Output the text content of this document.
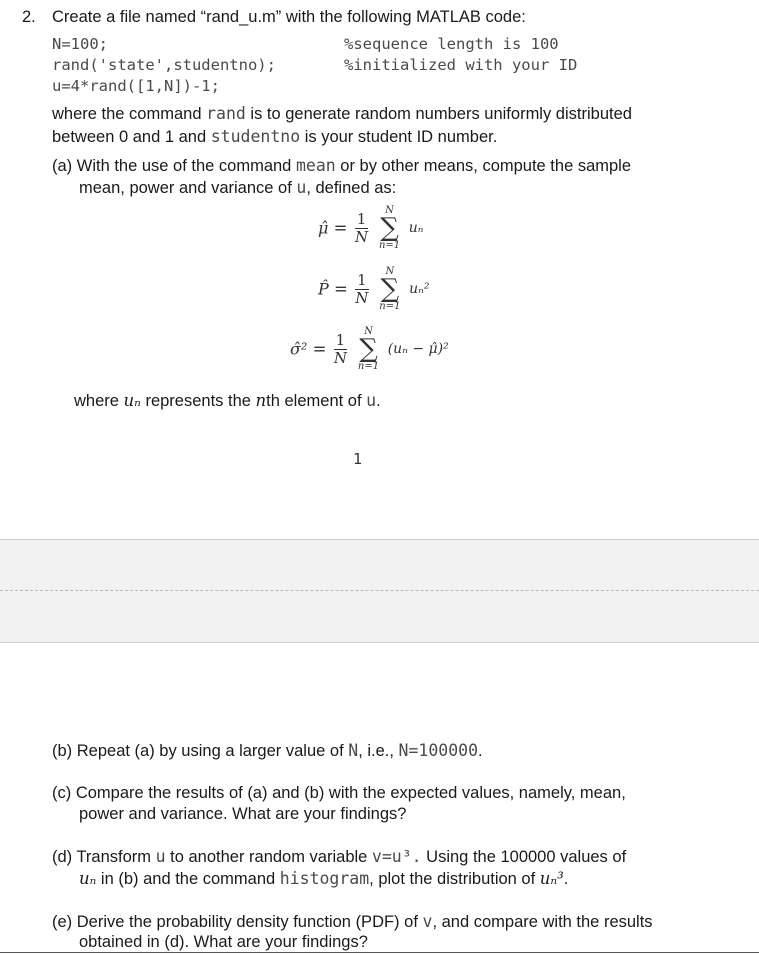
2. Create a file named “rand_u.m” with the following MATLAB code:
N=100;	%sequence length is 100
rand('state',studentno);	%initialized with your ID
u=4*rand([1,N])-1;
where the command rand is to generate random numbers uniformly distributed
between 0 and 1 and studentno is your student ID number.
(a) With the use of the command mean or by other means, compute the sample
mean, power and variance of u, defined as:
μ̂ = $\frac{1}{N}$
	N
∑
n=1
uₙ
P̂ = $\frac{1}{N}$
	N
∑
n=1
uₙ²
σ̂² = $\frac{1}{N}$
	N
∑
n=1
(uₙ − μ̂)²
where uₙ represents the nth element of u.
1
(b) Repeat (a) by using a larger value of N, i.e., N=100000.
(c) Compare the results of (a) and (b) with the expected values, namely, mean,
power and variance. What are your findings?
(d) Transform u to another random variable v=u³. Using the 100000 values of
uₙ in (b) and the command histogram, plot the distribution of uₙ³.
(e) Derive the probability density function (PDF) of v, and compare with the results
obtained in (d). What are your findings?
